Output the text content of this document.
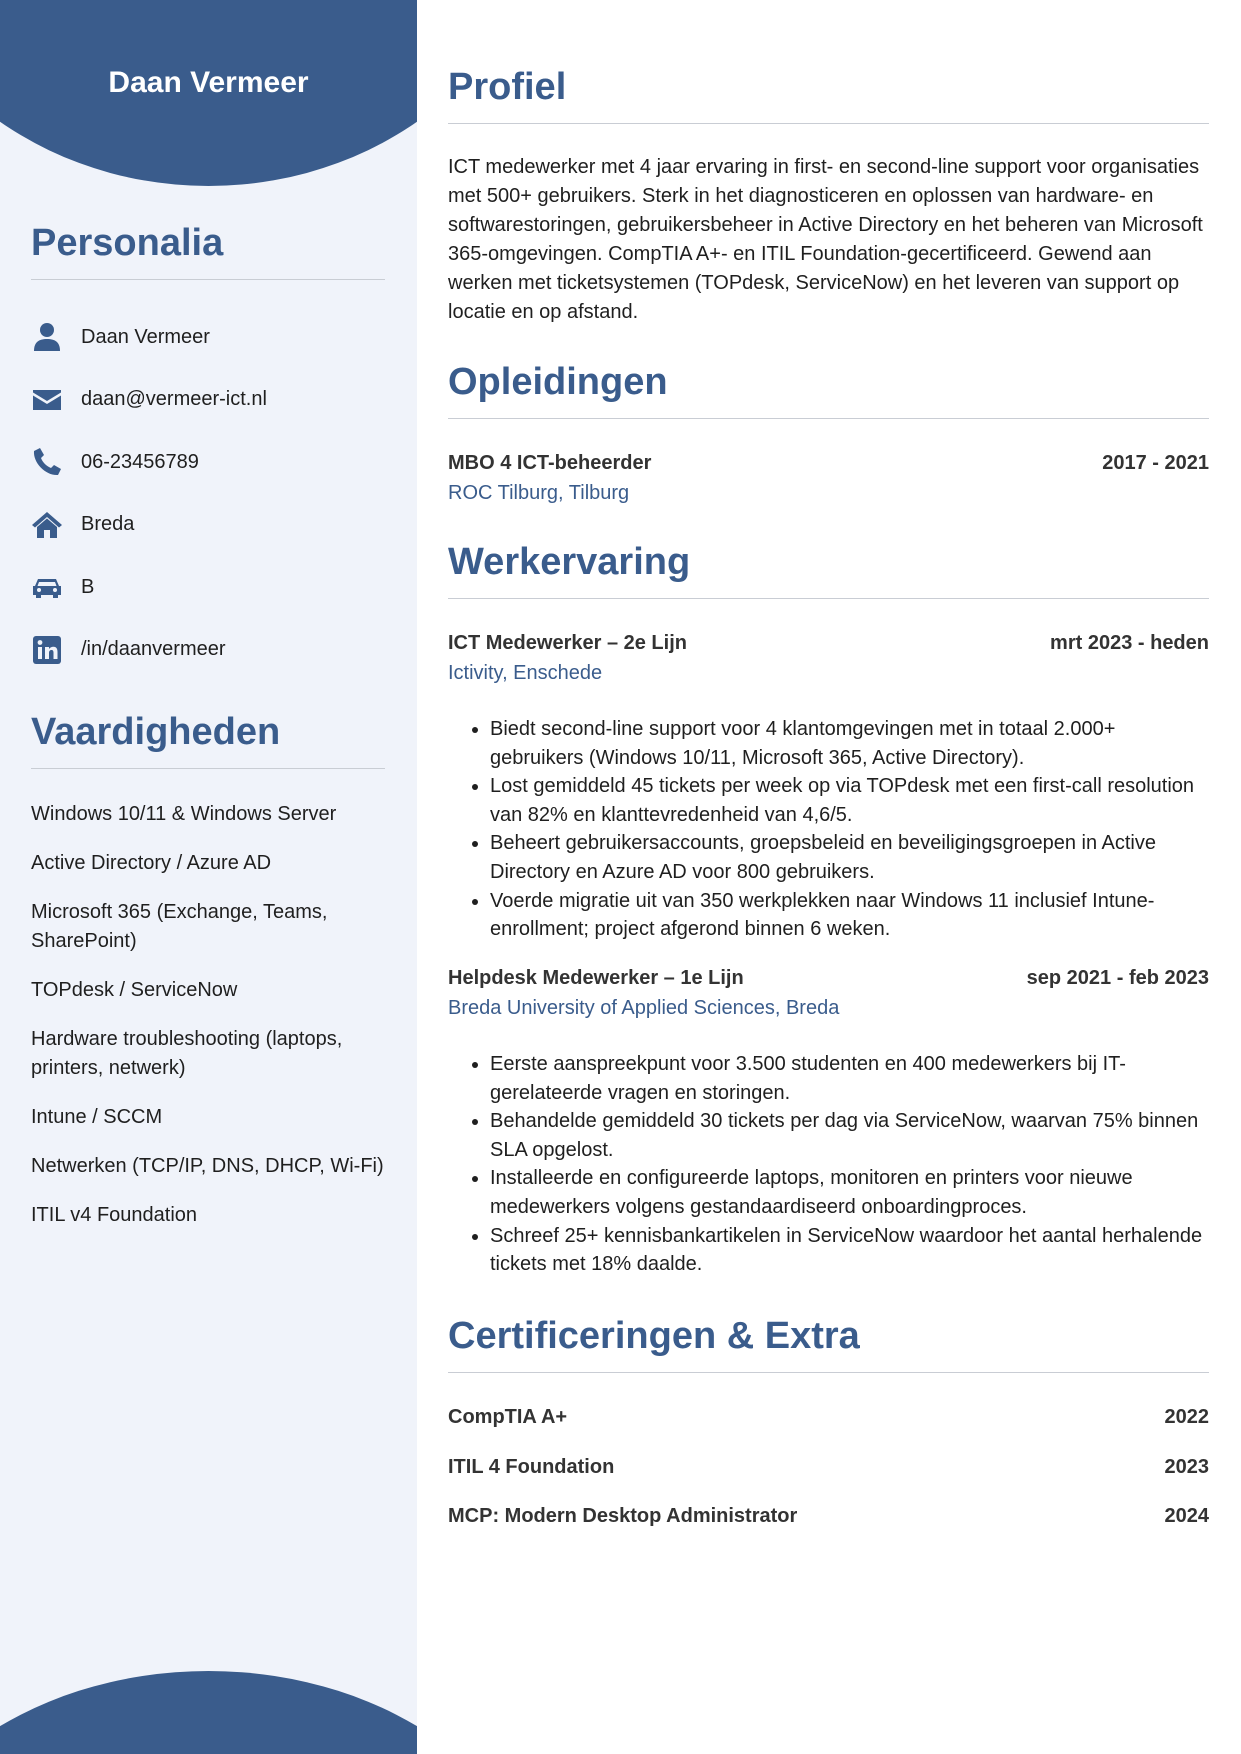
Daan Vermeer
Personalia
Daan Vermeer
daan@vermeer-ict.nl
06-23456789
Breda
B
/in/daanvermeer
Vaardigheden
Windows 10/11 & Windows Server
Active Directory / Azure AD
Microsoft 365 (Exchange, Teams, SharePoint)
TOPdesk / ServiceNow
Hardware troubleshooting (laptops, printers, netwerk)
Intune / SCCM
Netwerken (TCP/IP, DNS, DHCP, Wi-Fi)
ITIL v4 Foundation
Profiel

ICT medewerker met 4 jaar ervaring in first- en second-line support voor organisaties met 500+ gebruikers. Sterk in het diagnosticeren en oplossen van hardware- en softwarestoringen, gebruikersbeheer in Active Directory en het beheren van Microsoft 365-omgevingen. CompTIA A+- en ITIL Foundation-gecertificeerd. Gewend aan werken met ticketsystemen (TOPdesk, ServiceNow) en het leveren van support op locatie en op afstand.

Opleidingen
MBO 4 ICT-beheerder	2017 - 2021
ROC Tilburg, Tilburg
Werkervaring
ICT Medewerker – 2e Lijn	mrt 2023 - heden
Ictivity, Enschede
• Biedt second-line support voor 4 klantomgevingen met in totaal 2.000+ gebruikers (Windows 10/11, Microsoft 365, Active Directory).
• Lost gemiddeld 45 tickets per week op via TOPdesk met een first-call resolution van 82% en klanttevredenheid van 4,6/5.
• Beheert gebruikersaccounts, groepsbeleid en beveiligingsgroepen in Active Directory en Azure AD voor 800 gebruikers.
• Voerde migratie uit van 350 werkplekken naar Windows 11 inclusief Intune-enrollment; project afgerond binnen 6 weken.
Helpdesk Medewerker – 1e Lijn	sep 2021 - feb 2023
Breda University of Applied Sciences, Breda
• Eerste aanspreekpunt voor 3.500 studenten en 400 medewerkers bij IT-gerelateerde vragen en storingen.
• Behandelde gemiddeld 30 tickets per dag via ServiceNow, waarvan 75% binnen SLA opgelost.
• Installeerde en configureerde laptops, monitoren en printers voor nieuwe medewerkers volgens gestandaardiseerd onboardingproces.
• Schreef 25+ kennisbankartikelen in ServiceNow waardoor het aantal herhalende tickets met 18% daalde.
Certificeringen & Extra
CompTIA A+	2022
ITIL 4 Foundation	2023
MCP: Modern Desktop Administrator	2024
